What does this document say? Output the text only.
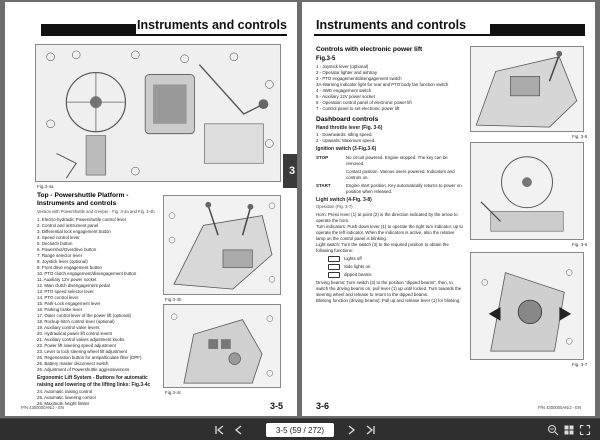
Instruments and controls
Fig.3-4a
Top - Powershuttle Platform - Instruments and controls
Version with Powershuttle and creeper - Fig. 3-4a and Fig. 3-4b
1. Electro-hydraulic Powershuttle control lever
2. Control and instrument panel
3. Differential lock engagement button
4. Speed control lever
5. Declutch button
6. Powershut/Overdrive button
7. Range selector lever
8. Joystick lever (optional)
9. Front drive engagement button
10. PTO clutch engagement/disengagement button
11. Auxiliary 12V power socket
12. Main clutch disengagement pedal
13. PTO speed selector lever
14. PTO control lever
15. Park-Lock engagement lever
16. Parking brake lever
17. Outer control lever of the power lift (optional)
18. Rockup-hitch control lever (optional)
19. Auxiliary control valve levers
20. Hydraulical power lift control levers
21. Auxiliary control valves adjustment knobs
22. Power lift lowering speed adjustment
23. Lever to lock steering wheel tilt adjustment
26. Regeneration button for antiparticulate filter (DPF)
25. Battery master disconnect switch
26. Adjustment of Powershuttle aggressiveness
Ergonomic Lift System - Buttons for automatic raising and lowering of the lifting links: Fig.3-4c
24. Automatic raising control
25. Automatic lowering control
26. Maximum height limiter
Fig.3-4b
Fig.3-4c
3
P/N 4300000AN/J - EN	3-5
Instruments and controls
Controls with electronic power lift
Fig.3-5
1 - Joystick lever (optional)
2 - Operator lighter and ashtray
3 - PTO engagement/disengagement switch
3A-Warning indicator light for rear and PTO body fan function switch
4 - 4WD engagement switch
5 - Auxiliary 12V power socket
6 - Operation control panel of electronic power lift
7 - Control panel to set electronic power lift
Dashboard controls
Hand throttle lever (Fig. 3-6)
1 - Downwards: Idling speed.
2 - Upwards: Maximum speed.
Ignition switch (3-Fig.3-6)
STOP	No circuit powered. Engine stopped. The key can be removed.
Contact position. Various users powered. Indicators and controls on.
START	Engine start position. Key automatically returns to power on position when released.
Light switch (4-Fig. 3-8)
Operation (Fig. 3-7)
Horn: Press lever (1) at point (2) in the direction indicated by the arrow to operate the horn.
Turn indicators: Push down lever (1) to operate the right turn indicator, up to operate the left indicator. When the indicators is active, also the relative lamp on the control panel is blinking.
Light switch: Turn the switch (3) to the required position to obtain the following functions:
Lights off
Side lights on
dipped beams
Driving beams: Turn switch (3) to the position "dipped beams", then, to switch the driving beams on, pull lever (1) up until locked. Turn towards the steering wheel and release to return to the dipped beams.
Blinking function (driving beams): Pull up and release lever (1) for blinking.
Fig. 3-5
Fig. 3-6
Fig. 3-7
P/N 4300000AN/J - EN
3-6
3-5 (59 / 272)
